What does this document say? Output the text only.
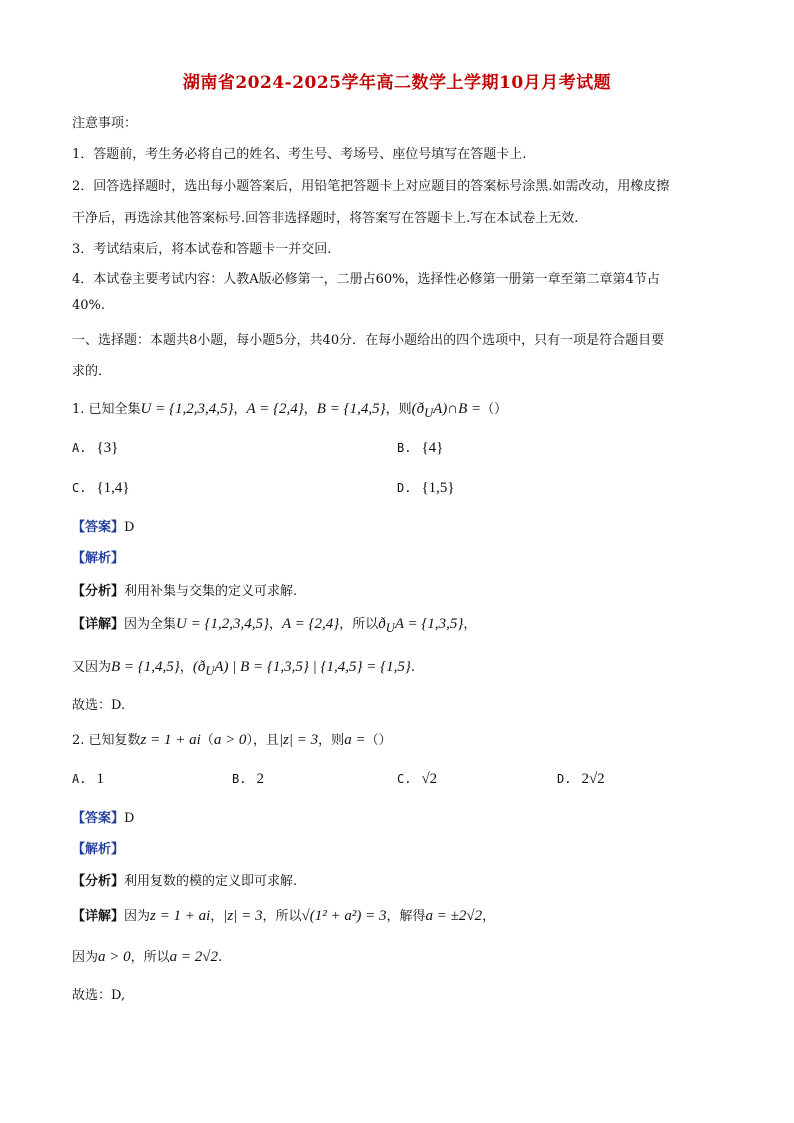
湖南省2024-2025学年高二数学上学期10月月考试题
注意事项：
1．答题前，考生务必将自己的姓名、考生号、考场号、座位号填写在答题卡上.
2．回答选择题时，选出每小题答案后，用铅笔把答题卡上对应题目的答案标号涂黑.如需改动，用橡皮擦
干净后，再选涂其他答案标号.回答非选择题时，将答案写在答题卡上.写在本试卷上无效.
3．考试结束后，将本试卷和答题卡一并交回.
4．本试卷主要考试内容：人教A版必修第一，二册占60%，选择性必修第一册第一章至第二章第4节占
40%.
一、选择题：本题共8小题，每小题5分，共40分．在每小题给出的四个选项中，只有一项是符合题目要
求的．
1. 已知全集U = {1,2,3,4,5}，A = {2,4}，B = {1,4,5}，则$(ð_UA)\cap B$ =（）
A. {3}	B. {4}
C. {1,4}	D. {1,5}
【答案】D
【解析】
【分析】利用补集与交集的定义可求解.
【详解】因为全集U = {1,2,3,4,5}，A = {2,4}，所以$ð_UA = \{1,3,5\}$，
又因为B = {1,4,5}，$(ð_UA)$ | B = {1,3,5} | {1,4,5} = {1,5}.
故选：D.
2. 已知复数z = 1 + ai（a > 0），且|z| = 3，则a =（）
A. 1	B. 2	C. √2	D. 2√2
【答案】D
【解析】
【分析】利用复数的模的定义即可求解.
【详解】因为z = 1 + ai，|z| = 3，所以√(1² + a²) = 3，解得a = ±2√2，
因为a > 0，所以a = 2√2.
故选：D,
